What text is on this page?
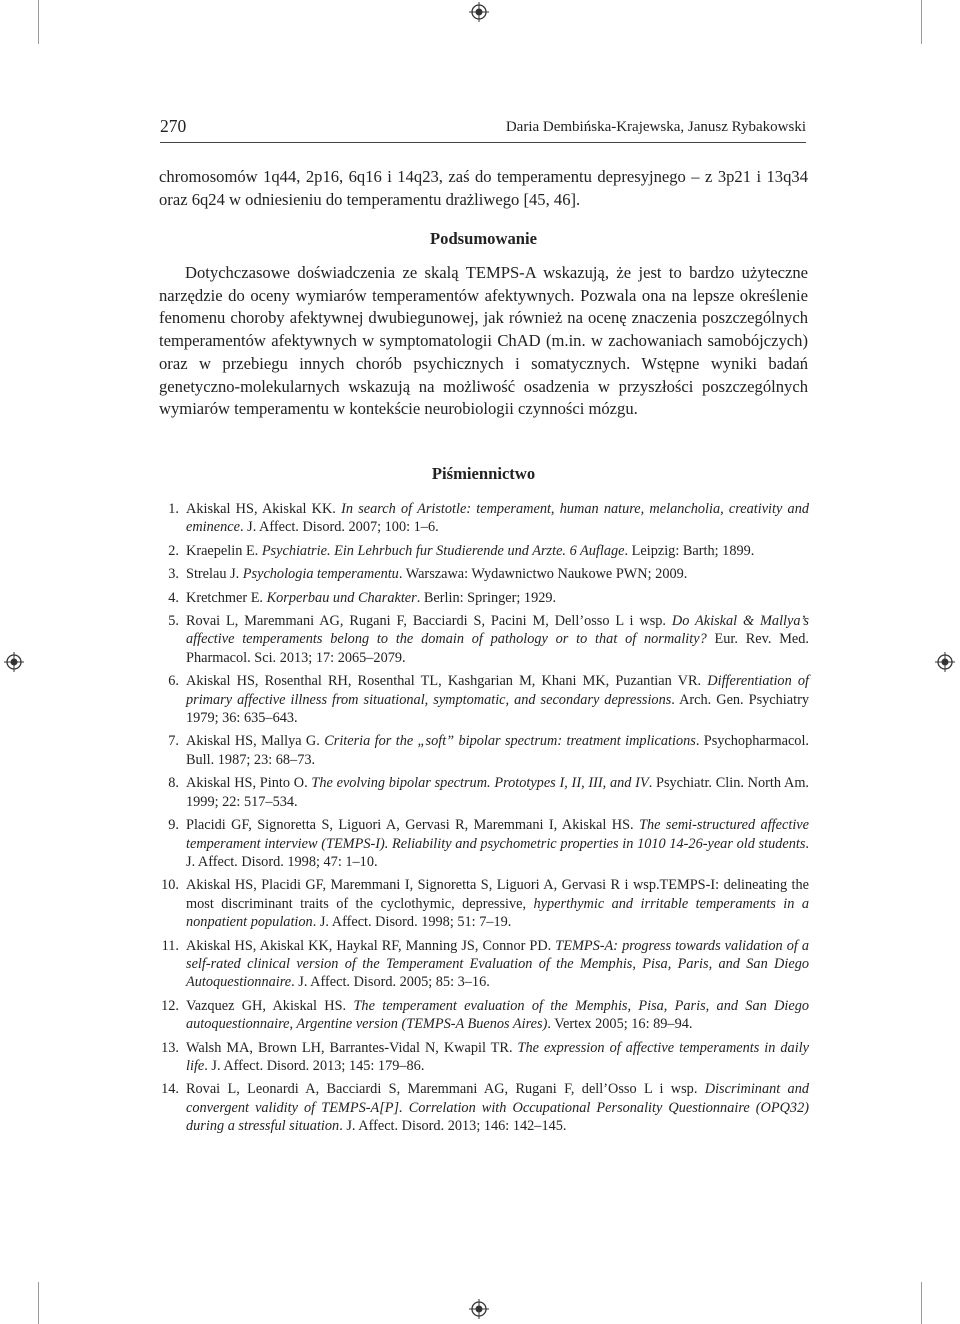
270	Daria Dembińska-Krajewska, Janusz Rybakowski

chromosomów 1q44, 2p16, 6q16 i 14q23, zaś do temperamentu depresyjnego – z 3p21 i 13q34 oraz 6q24 w odniesieniu do temperamentu drażliwego [45, 46].

Podsumowanie

Dotychczasowe doświadczenia ze skalą TEMPS-A wskazują, że jest to bardzo użyteczne narzędzie do oceny wymiarów temperamentów afektywnych. Pozwala ona na lepsze określenie fenomenu choroby afektywnej dwubiegunowej, jak również na ocenę znaczenia poszczególnych temperamentów afektywnych w symptomatologii ChAD (m.in. w zachowaniach samobójczych) oraz w przebiegu innych chorób psychicznych i somatycznych. Wstępne wyniki badań genetyczno-molekularnych wskazują na możliwość osadzenia w przyszłości poszczególnych wymiarów temperamentu w kontekście neurobiologii czynności mózgu.

Piśmiennictwo
1. Akiskal HS, Akiskal KK. In search of Aristotle: temperament, human nature, melancholia, creativity and eminence. J. Affect. Disord. 2007; 100: 1–6.
2. Kraepelin E. Psychiatrie. Ein Lehrbuch fur Studierende und Arzte. 6 Auflage. Leipzig: Barth; 1899.
3. Strelau J. Psychologia temperamentu. Warszawa: Wydawnictwo Naukowe PWN; 2009.
4. Kretchmer E. Korperbau und Charakter. Berlin: Springer; 1929.
5. Rovai L, Maremmani AG, Rugani F, Bacciardi S, Pacini M, Dell’osso L i wsp. Do Akiskal & Mallya’s affective temperaments belong to the domain of pathology or to that of normality? Eur. Rev. Med. Pharmacol. Sci. 2013; 17: 2065–2079.
6. Akiskal HS, Rosenthal RH, Rosenthal TL, Kashgarian M, Khani MK, Puzantian VR. Differentiation of primary affective illness from situational, symptomatic, and secondary depressions. Arch. Gen. Psychiatry 1979; 36: 635–643.
7. Akiskal HS, Mallya G. Criteria for the „soft” bipolar spectrum: treatment implications. Psychopharmacol. Bull. 1987; 23: 68–73.
8. Akiskal HS, Pinto O. The evolving bipolar spectrum. Prototypes I, II, III, and IV. Psychiatr. Clin. North Am. 1999; 22: 517–534.
9. Placidi GF, Signoretta S, Liguori A, Gervasi R, Maremmani I, Akiskal HS. The semi-structured affective temperament interview (TEMPS-I). Reliability and psychometric properties in 1010 14-26-year old students. J. Affect. Disord. 1998; 47: 1–10.
10. Akiskal HS, Placidi GF, Maremmani I, Signoretta S, Liguori A, Gervasi R i wsp.TEMPS-I: delineating the most discriminant traits of the cyclothymic, depressive, hyperthymic and irritable temperaments in a nonpatient population. J. Affect. Disord. 1998; 51: 7–19.
11. Akiskal HS, Akiskal KK, Haykal RF, Manning JS, Connor PD. TEMPS-A: progress towards validation of a self-rated clinical version of the Temperament Evaluation of the Memphis, Pisa, Paris, and San Diego Autoquestionnaire. J. Affect. Disord. 2005; 85: 3–16.
12. Vazquez GH, Akiskal HS. The temperament evaluation of the Memphis, Pisa, Paris, and San Diego autoquestionnaire, Argentine version (TEMPS-A Buenos Aires). Vertex 2005; 16: 89–94.
13. Walsh MA, Brown LH, Barrantes-Vidal N, Kwapil TR. The expression of affective temperaments in daily life. J. Affect. Disord. 2013; 145: 179–86.
14. Rovai L, Leonardi A, Bacciardi S, Maremmani AG, Rugani F, dell’Osso L i wsp. Discriminant and convergent validity of TEMPS-A[P]. Correlation with Occupational Personality Questionnaire (OPQ32) during a stressful situation. J. Affect. Disord. 2013; 146: 142–145.
